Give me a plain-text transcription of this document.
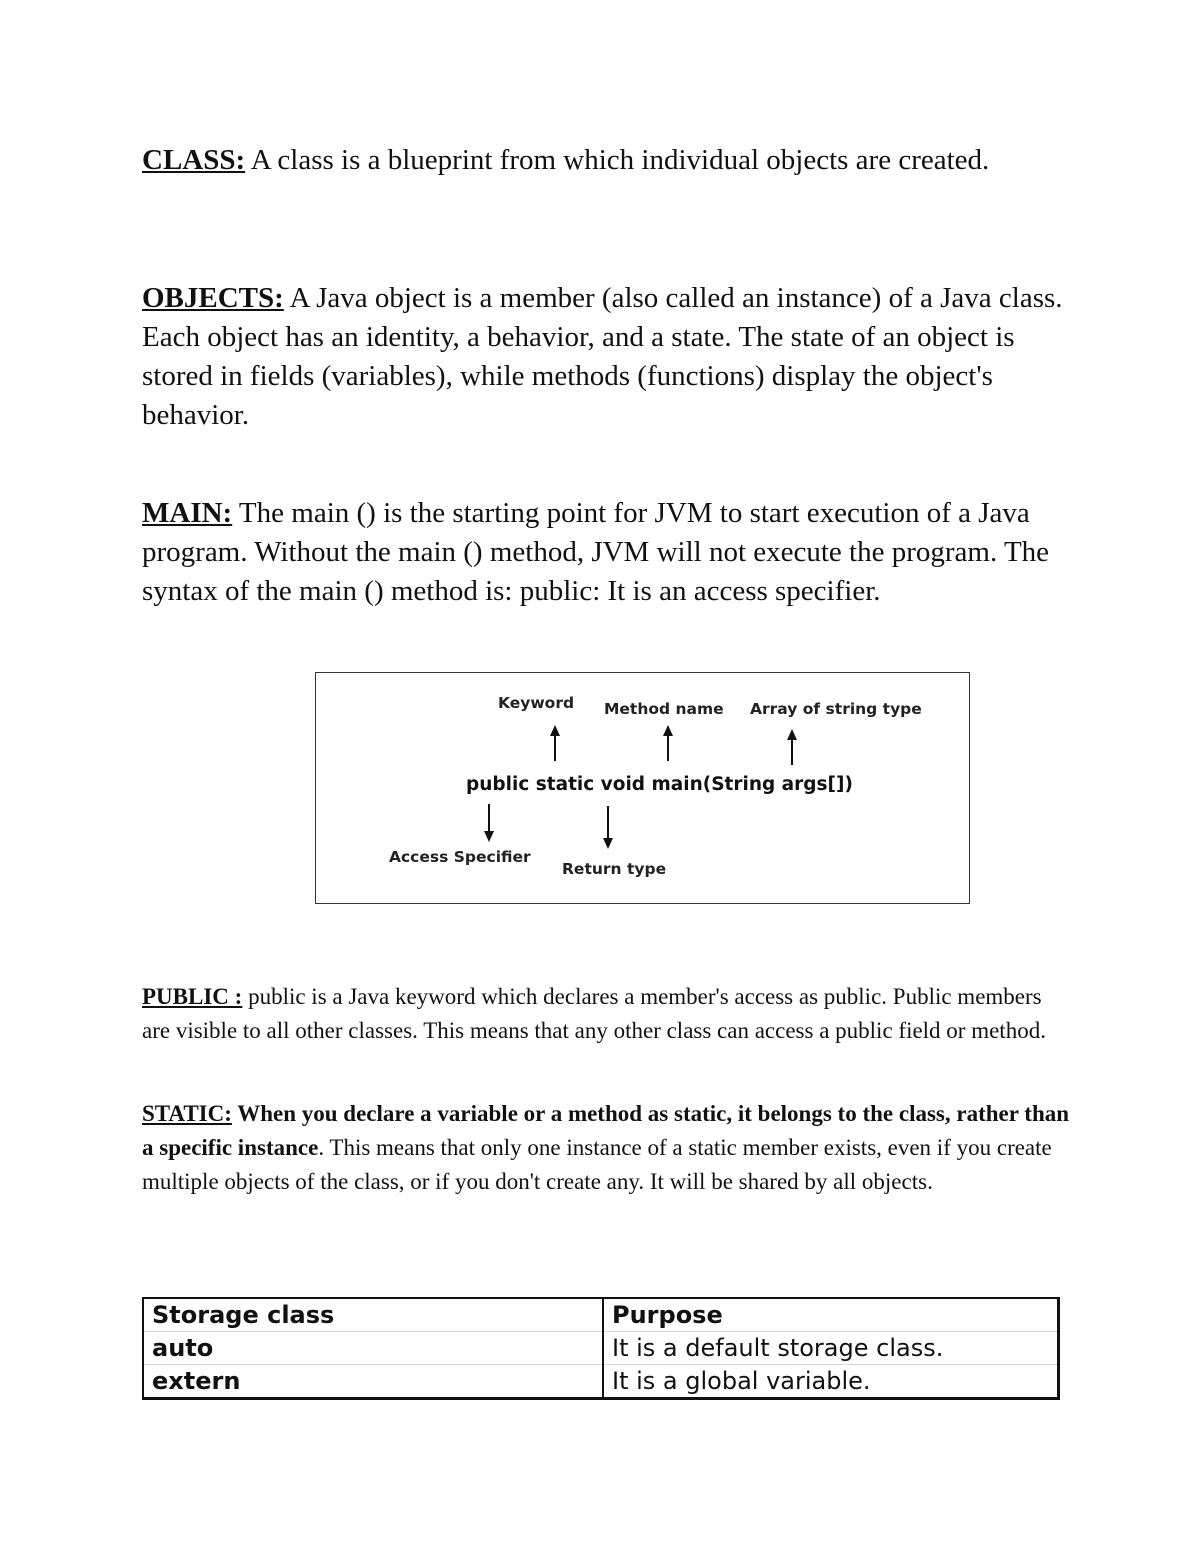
CLASS: A class is a blueprint from which individual objects are created.
OBJECTS: A Java object is a member (also called an instance) of a Java class. Each object has an identity, a behavior, and a state. The state of an object is stored in fields (variables), while methods (functions) display the object's behavior.
MAIN: The main () is the starting point for JVM to start execution of a Java program. Without the main () method, JVM will not execute the program. The syntax of the main () method is: public: It is an access specifier.
Keyword Method name Array of string type
public static void main(String args[])
Access Specifier
Return type
PUBLIC : public is a Java keyword which declares a member's access as public. Public members are visible to all other classes. This means that any other class can access a public field or method.
STATIC: When you declare a variable or a method as static, it belongs to the class, rather than a specific instance. This means that only one instance of a static member exists, even if you create multiple objects of the class, or if you don't create any. It will be shared by all objects.
Storage class	Purpose
auto	It is a default storage class.
extern	It is a global variable.
